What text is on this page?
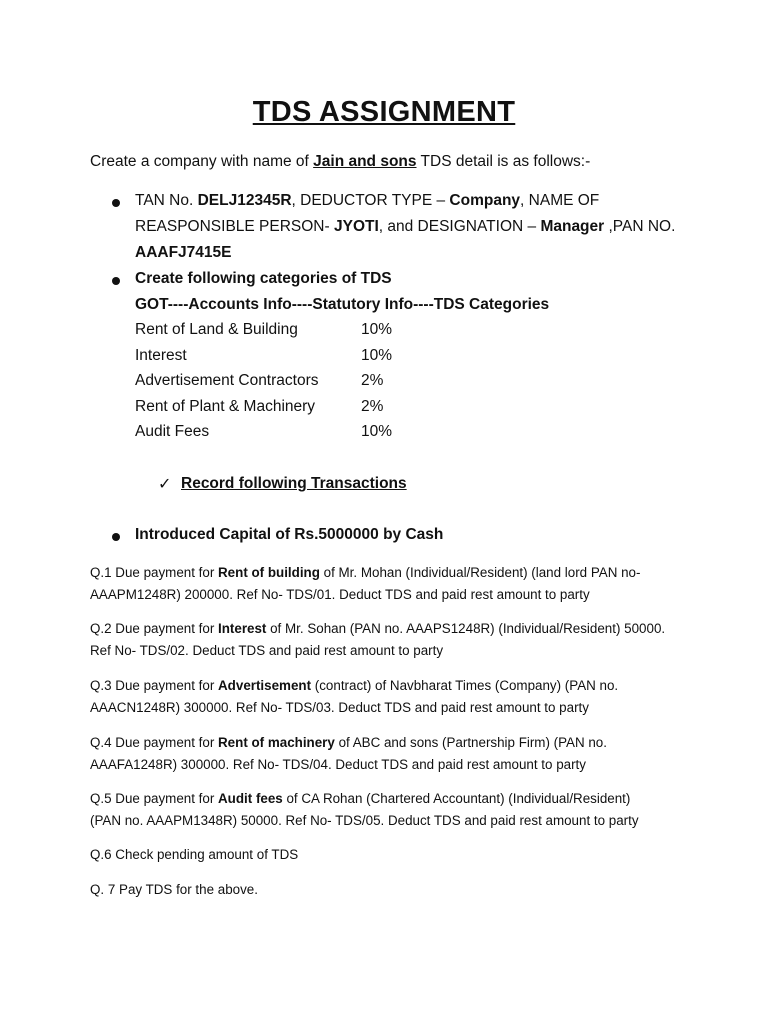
TDS ASSIGNMENT
Create a company with name of Jain and sons TDS detail is as follows:-
TAN No. DELJ12345R, DEDUCTOR TYPE – Company, NAME OF
REASPONSIBLE PERSON- JYOTI, and DESIGNATION – Manager ,PAN NO.
AAAFJ7415E
Create following categories of TDS
GOT----Accounts Info----Statutory Info----TDS Categories
Rent of Land & Building	10%
Interest	10%
Advertisement Contractors	2%
Rent of Plant & Machinery	2%
Audit Fees	10%
✓ Record following Transactions
Introduced Capital of Rs.5000000 by Cash
Q.1 Due payment for Rent of building of Mr. Mohan (Individual/Resident) (land lord PAN no-
AAAPM1248R) 200000. Ref No- TDS/01. Deduct TDS and paid rest amount to party
Q.2 Due payment for Interest of Mr. Sohan (PAN no. AAAPS1248R) (Individual/Resident) 50000.
Ref No- TDS/02. Deduct TDS and paid rest amount to party
Q.3 Due payment for Advertisement (contract) of Navbharat Times (Company) (PAN no.
AAACN1248R) 300000. Ref No- TDS/03. Deduct TDS and paid rest amount to party
Q.4 Due payment for Rent of machinery of ABC and sons (Partnership Firm) (PAN no.
AAAFA1248R) 300000. Ref No- TDS/04. Deduct TDS and paid rest amount to party
Q.5 Due payment for Audit fees of CA Rohan (Chartered Accountant) (Individual/Resident)
(PAN no. AAAPM1348R) 50000. Ref No- TDS/05. Deduct TDS and paid rest amount to party
Q.6 Check pending amount of TDS
Q. 7 Pay TDS for the above.
